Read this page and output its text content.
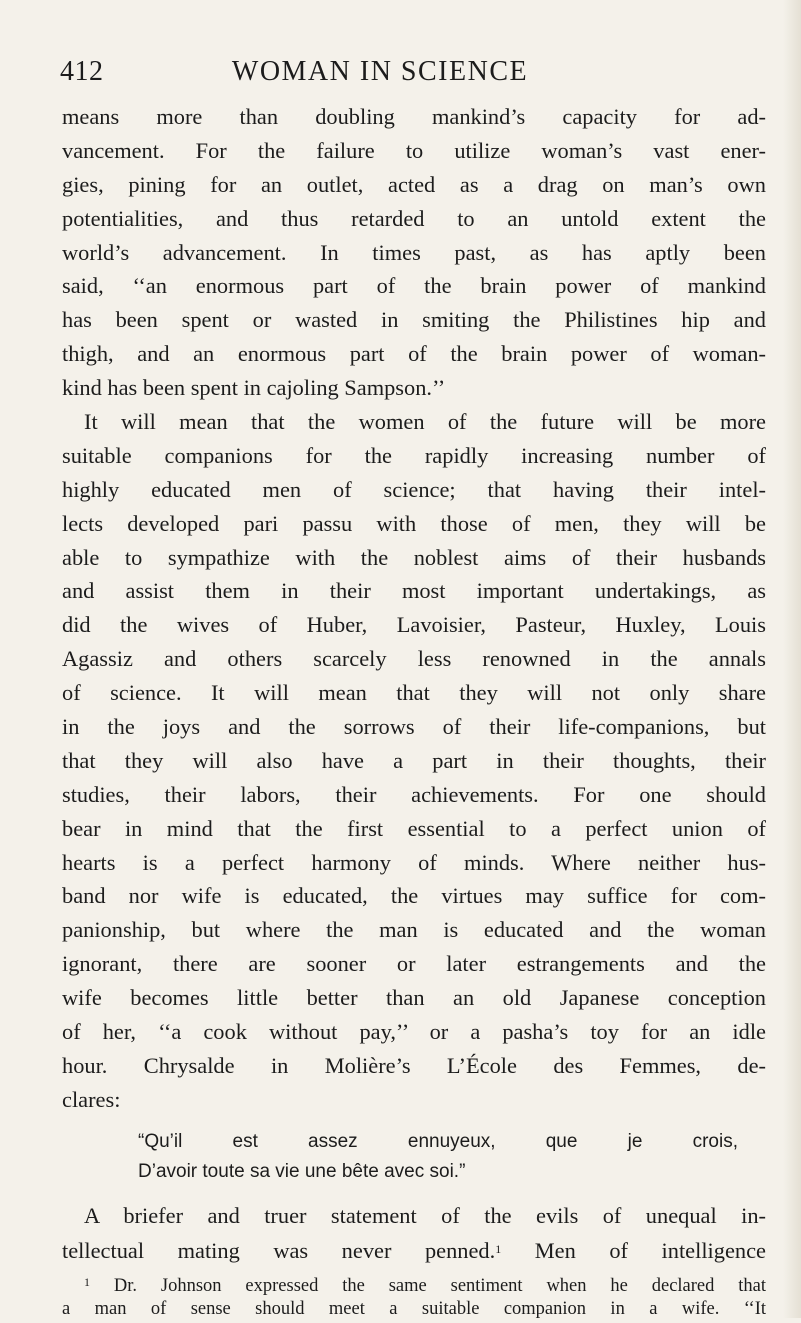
WOMAN IN SCIENCE
412
means more than doubling mankind’s capacity for ad-
vancement. For the failure to utilize woman’s vast ener-
gies, pining for an outlet, acted as a drag on man’s own
potentialities, and thus retarded to an untold extent the
world’s advancement. In times past, as has aptly been
said, ‘‘an enormous part of the brain power of mankind
has been spent or wasted in smiting the Philistines hip and
thigh, and an enormous part of the brain power of woman-
kind has been spent in cajoling Sampson.’’
It will mean that the women of the future will be more
suitable companions for the rapidly increasing number of
highly educated men of science; that having their intel-
lects developed pari passu with those of men, they will be
able to sympathize with the noblest aims of their husbands
and assist them in their most important undertakings, as
did the wives of Huber, Lavoisier, Pasteur, Huxley, Louis
Agassiz and others scarcely less renowned in the annals
of science. It will mean that they will not only share
in the joys and the sorrows of their life-companions, but
that they will also have a part in their thoughts, their
studies, their labors, their achievements. For one should
bear in mind that the first essential to a perfect union of
hearts is a perfect harmony of minds. Where neither hus-
band nor wife is educated, the virtues may suffice for com-
panionship, but where the man is educated and the woman
ignorant, there are sooner or later estrangements and the
wife becomes little better than an old Japanese conception
of her, ‘‘a cook without pay,’’ or a pasha’s toy for an idle
hour. Chrysalde in Molière’s L’École des Femmes, de-
clares:
“Qu’il est assez ennuyeux, que je crois,
D’avoir toute sa vie une bête avec soi.”
A briefer and truer statement of the evils of unequal in-
tellectual mating was never penned.$^1$ Men of intelligence
$^1$ Dr. Johnson expressed the same sentiment when he declared that
a man of sense should meet a suitable companion in a wife. ‘‘It
